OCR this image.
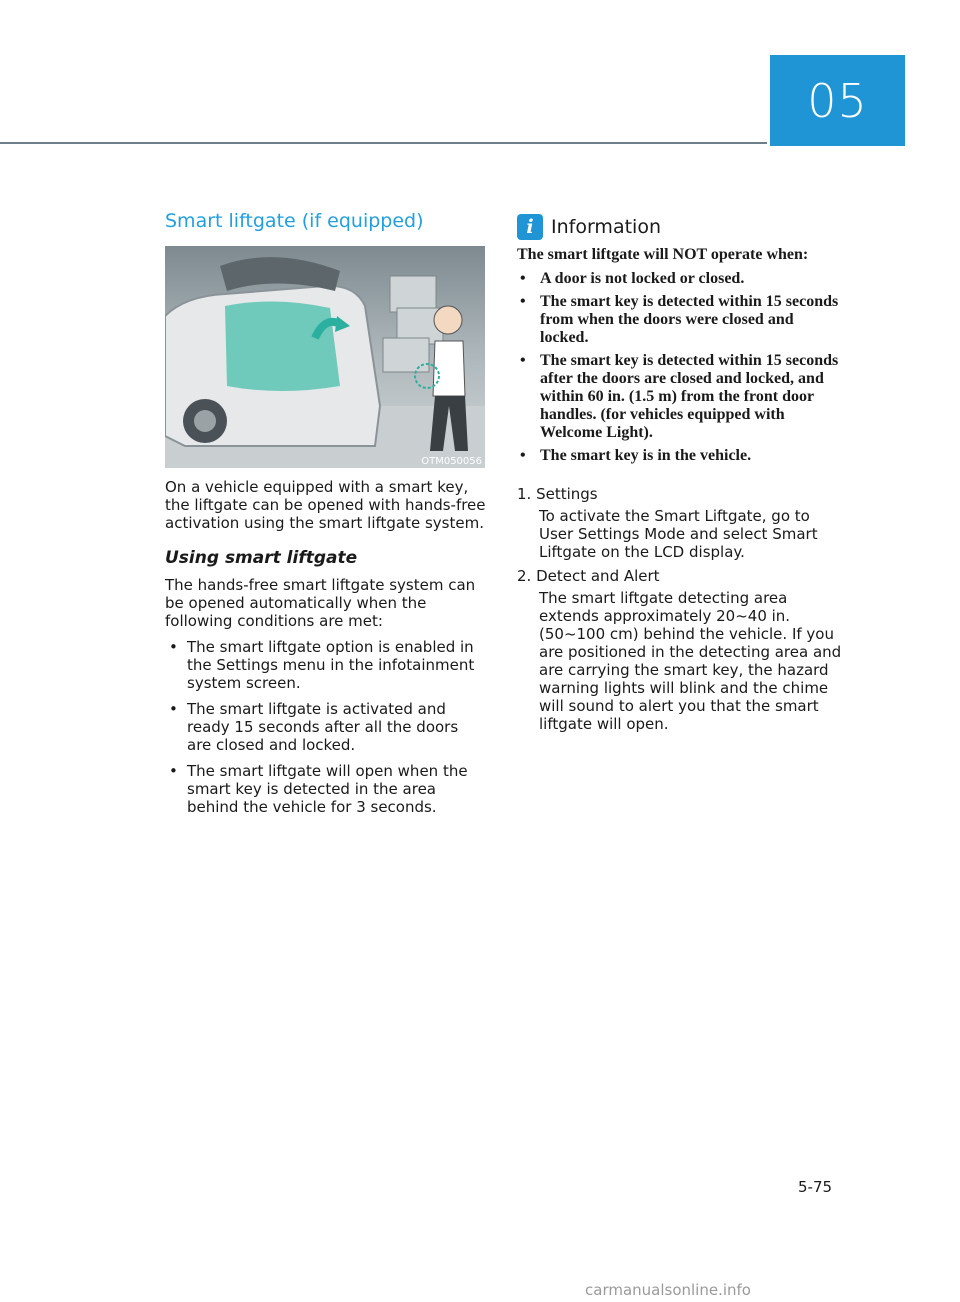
05
Smart liftgate (if equipped)
OTM050056

On a vehicle equipped with a smart key, the liftgate can be opened with hands-free activation using the smart liftgate system.

Using smart liftgate

The hands-free smart liftgate system can be opened automatically when the following conditions are met:

• The smart liftgate option is enabled in the Settings menu in the infotainment system screen.
• The smart liftgate is activated and ready 15 seconds after all the doors are closed and locked.
• The smart liftgate will open when the smart key is detected in the area behind the vehicle for 3 seconds.
i Information
The smart liftgate will NOT operate when:
• A door is not locked or closed.
• The smart key is detected within 15 seconds from when the doors were closed and locked.
• The smart key is detected within 15 seconds after the doors are closed and locked, and within 60 in. (1.5 m) from the front door handles. (for vehicles equipped with Welcome Light).
• The smart key is in the vehicle.
1. Settings
To activate the Smart Liftgate, go to User Settings Mode and select Smart Liftgate on the LCD display.
2. Detect and Alert
The smart liftgate detecting area extends approximately 20~40 in. (50~100 cm) behind the vehicle. If you are positioned in the detecting area and are carrying the smart key, the hazard warning lights will blink and the chime will sound to alert you that the smart liftgate will open.
5-75
carmanualsonline.info
